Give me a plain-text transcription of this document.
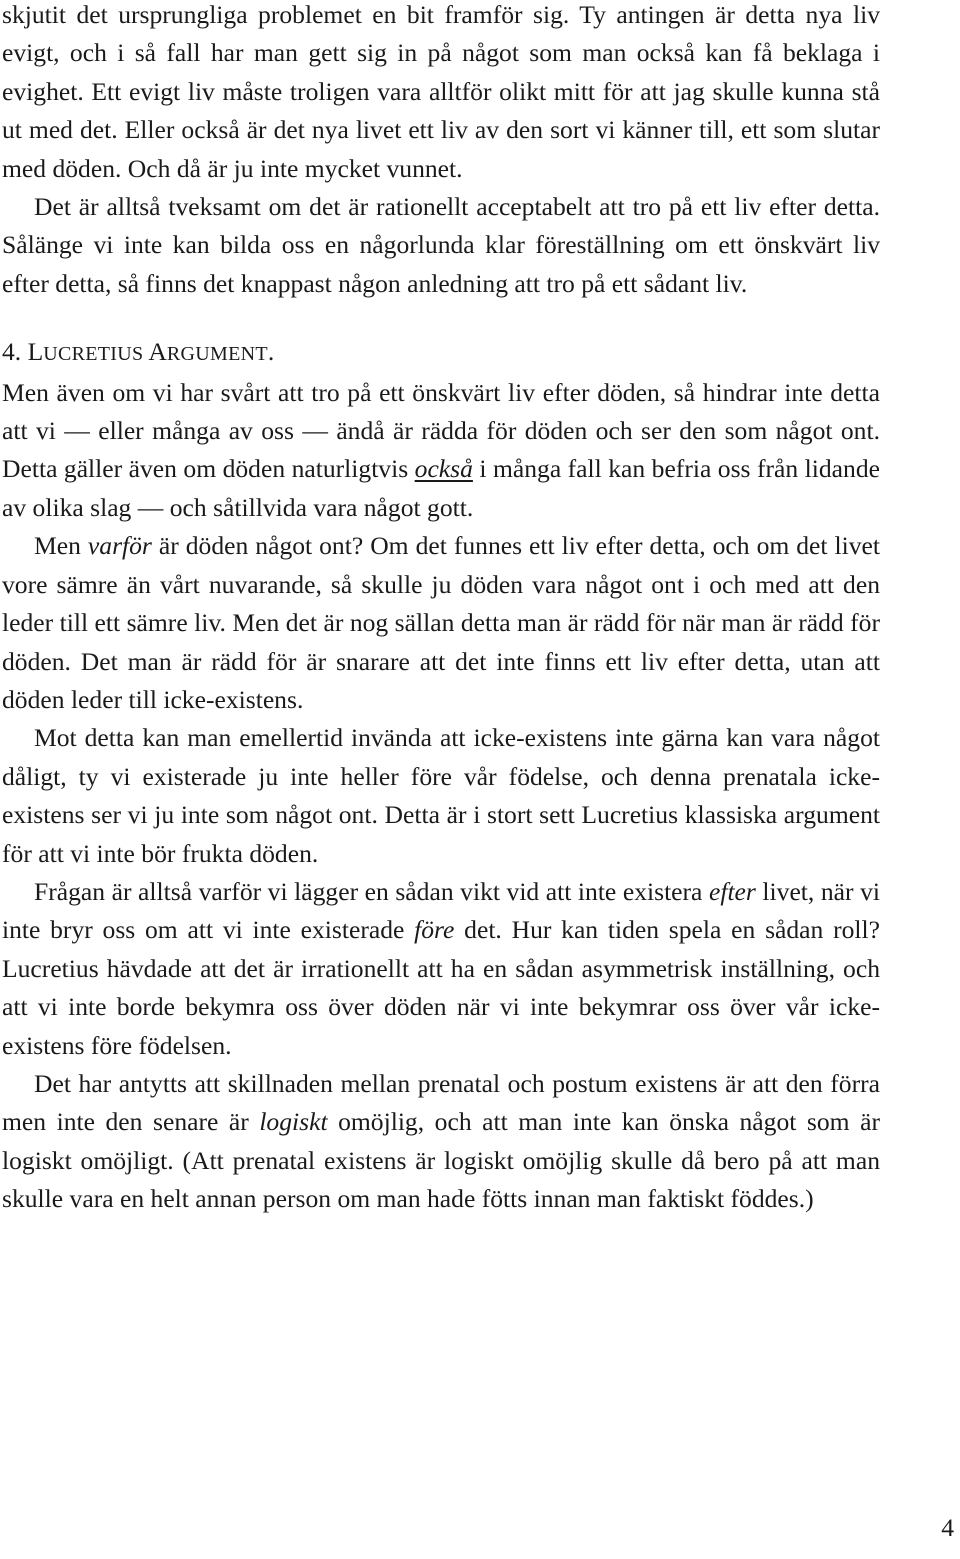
skjutit det ursprungliga problemet en bit framför sig. Ty antingen är detta nya liv evigt, och i så fall har man gett sig in på något som man också kan få beklaga i evighet. Ett evigt liv måste troligen vara alltför olikt mitt för att jag skulle kunna stå ut med det. Eller också är det nya livet ett liv av den sort vi känner till, ett som slutar med döden. Och då är ju inte mycket vunnet.

Det är alltså tveksamt om det är rationellt acceptabelt att tro på ett liv efter detta. Sålänge vi inte kan bilda oss en någorlunda klar föreställning om ett önskvärt liv efter detta, så finns det knappast någon anledning att tro på ett sådant liv.

4. LUCRETIUS ARGUMENT.

Men även om vi har svårt att tro på ett önskvärt liv efter döden, så hindrar inte detta att vi — eller många av oss — ändå är rädda för döden och ser den som något ont. Detta gäller även om döden naturligtvis också i många fall kan befria oss från lidande av olika slag — och såtillvida vara något gott.

Men varför är döden något ont? Om det funnes ett liv efter detta, och om det livet vore sämre än vårt nuvarande, så skulle ju döden vara något ont i och med att den leder till ett sämre liv. Men det är nog sällan detta man är rädd för när man är rädd för döden. Det man är rädd för är snarare att det inte finns ett liv efter detta, utan att döden leder till icke-existens.

Mot detta kan man emellertid invända att icke-existens inte gärna kan vara något dåligt, ty vi existerade ju inte heller före vår födelse, och denna prenatala icke-existens ser vi ju inte som något ont. Detta är i stort sett Lucretius klassiska argument för att vi inte bör frukta döden.

Frågan är alltså varför vi lägger en sådan vikt vid att inte existera efter livet, när vi inte bryr oss om att vi inte existerade före det. Hur kan tiden spela en sådan roll? Lucretius hävdade att det är irrationellt att ha en sådan asymmetrisk inställning, och att vi inte borde bekymra oss över döden när vi inte bekymrar oss över vår icke-existens före födelsen.

Det har antytts att skillnaden mellan prenatal och postum existens är att den förra men inte den senare är logiskt omöjlig, och att man inte kan önska något som är logiskt omöjligt. (Att prenatal existens är logiskt omöjlig skulle då bero på att man skulle vara en helt annan person om man hade fötts innan man faktiskt föddes.)

4
